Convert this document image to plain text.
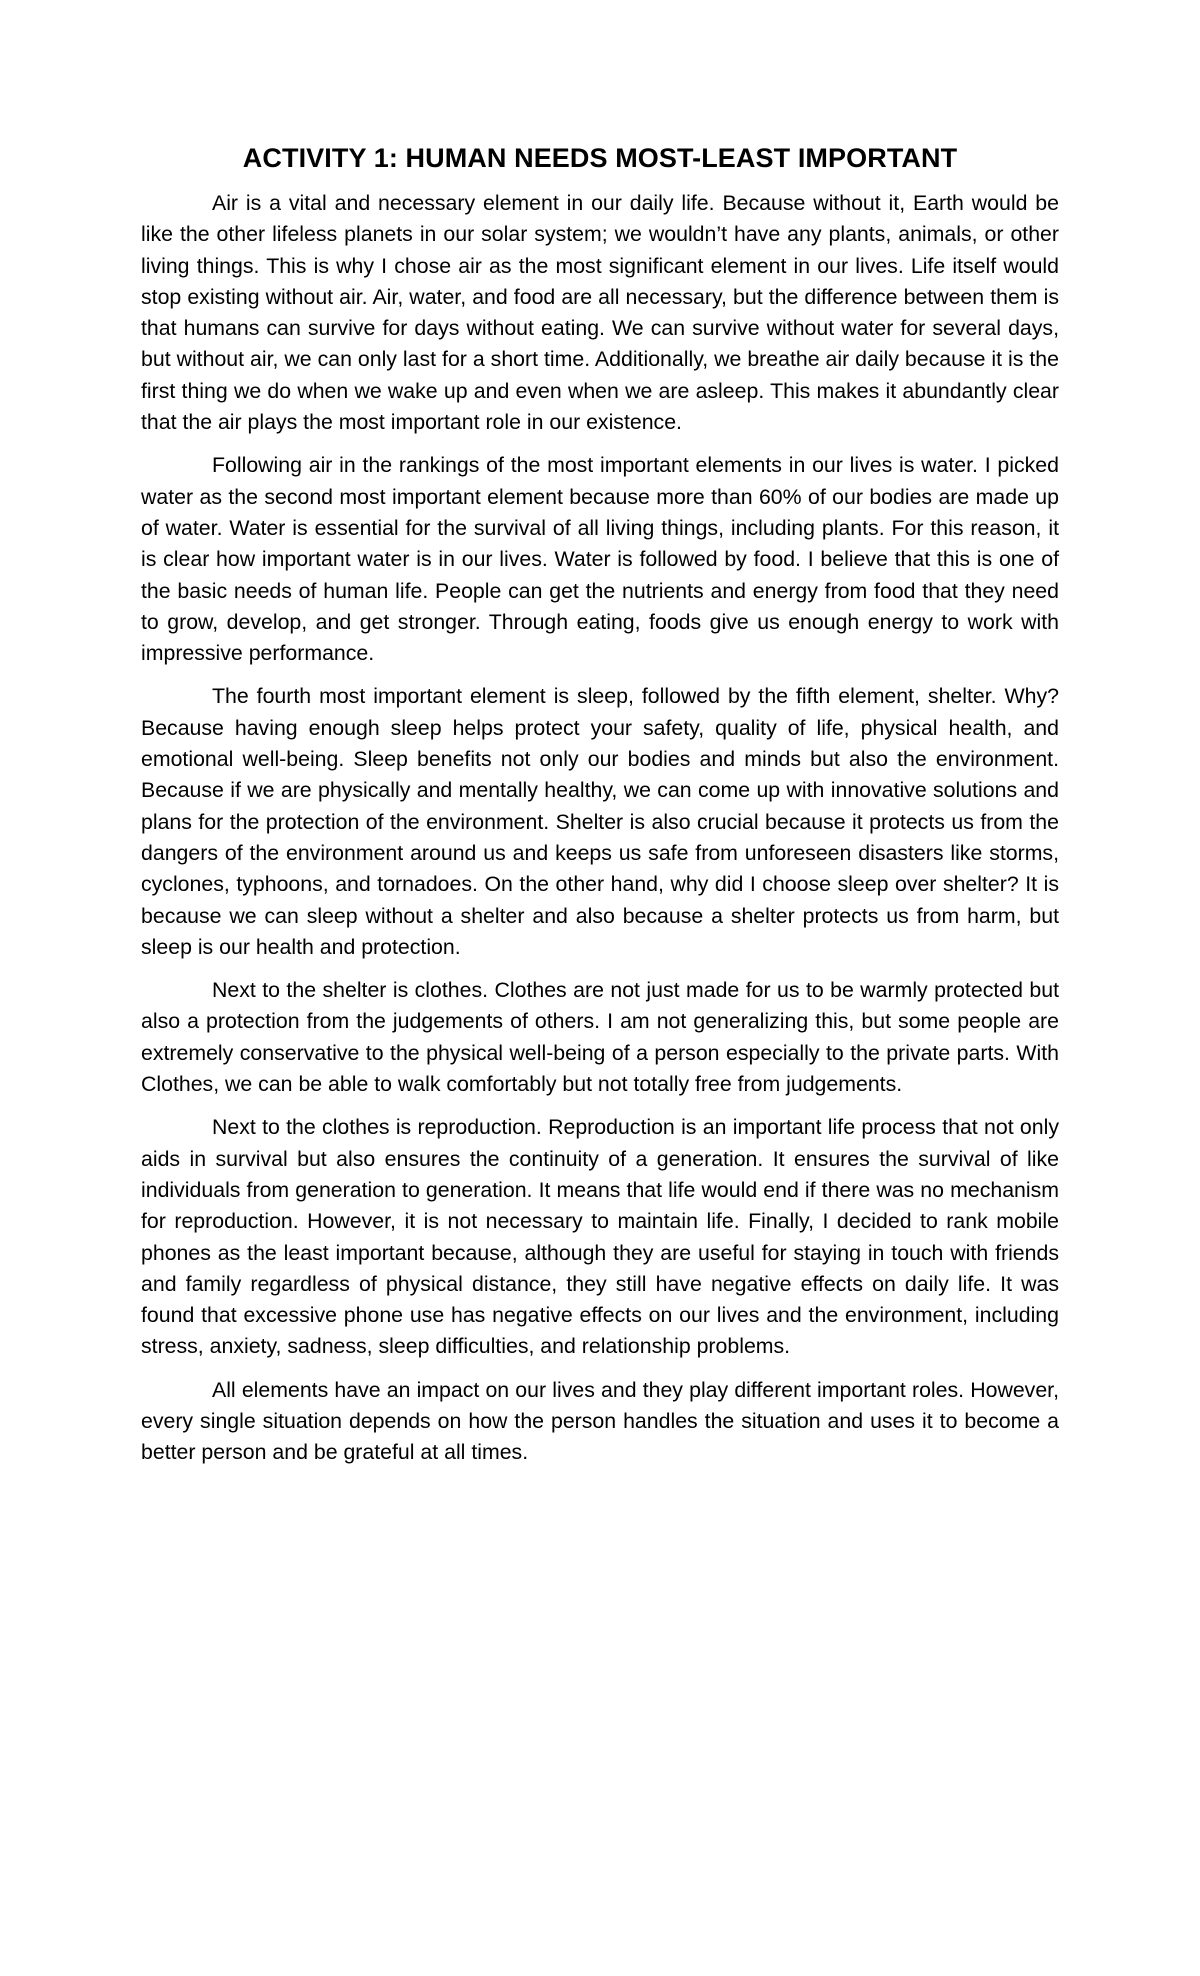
ACTIVITY 1: HUMAN NEEDS MOST-LEAST IMPORTANT

Air is a vital and necessary element in our daily life. Because without it, Earth would be like the other lifeless planets in our solar system; we wouldn’t have any plants, animals, or other living things. This is why I chose air as the most significant element in our lives. Life itself would stop existing without air. Air, water, and food are all necessary, but the difference between them is that humans can survive for days without eating. We can survive without water for several days, but without air, we can only last for a short time. Additionally, we breathe air daily because it is the first thing we do when we wake up and even when we are asleep. This makes it abundantly clear that the air plays the most important role in our existence.

Following air in the rankings of the most important elements in our lives is water. I picked water as the second most important element because more than 60% of our bodies are made up of water. Water is essential for the survival of all living things, including plants. For this reason, it is clear how important water is in our lives. Water is followed by food. I believe that this is one of the basic needs of human life. People can get the nutrients and energy from food that they need to grow, develop, and get stronger. Through eating, foods give us enough energy to work with impressive performance.

The fourth most important element is sleep, followed by the fifth element, shelter. Why? Because having enough sleep helps protect your safety, quality of life, physical health, and emotional well-being. Sleep benefits not only our bodies and minds but also the environment. Because if we are physically and mentally healthy, we can come up with innovative solutions and plans for the protection of the environment. Shelter is also crucial because it protects us from the dangers of the environment around us and keeps us safe from unforeseen disasters like storms, cyclones, typhoons, and tornadoes. On the other hand, why did I choose sleep over shelter? It is because we can sleep without a shelter and also because a shelter protects us from harm, but sleep is our health and protection.

Next to the shelter is clothes. Clothes are not just made for us to be warmly protected but also a protection from the judgements of others. I am not generalizing this, but some people are extremely conservative to the physical well-being of a person especially to the private parts. With Clothes, we can be able to walk comfortably but not totally free from judgements.

Next to the clothes is reproduction. Reproduction is an important life process that not only aids in survival but also ensures the continuity of a generation. It ensures the survival of like individuals from generation to generation. It means that life would end if there was no mechanism for reproduction. However, it is not necessary to maintain life. Finally, I decided to rank mobile phones as the least important because, although they are useful for staying in touch with friends and family regardless of physical distance, they still have negative effects on daily life. It was found that excessive phone use has negative effects on our lives and the environment, including stress, anxiety, sadness, sleep difficulties, and relationship problems.

All elements have an impact on our lives and they play different important roles. However, every single situation depends on how the person handles the situation and uses it to become a better person and be grateful at all times.
